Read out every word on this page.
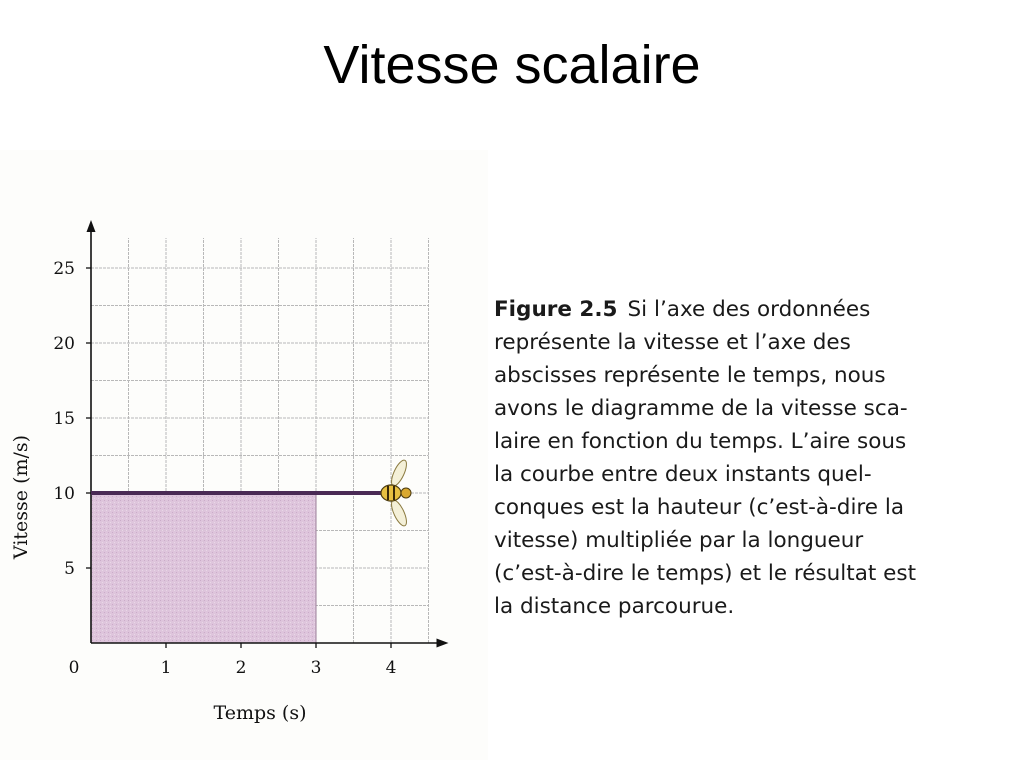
Vitesse scalaire
5
10
15
20
25
0	1	2	3	4
Temps (s)
Vitesse (m/s)
Figure 2.5 Si l’axe des ordonnées
représente la vitesse et l’axe des
abscisses représente le temps, nous
avons le diagramme de la vitesse sca-
laire en fonction du temps. L’aire sous
la courbe entre deux instants quel-
conques est la hauteur (c’est-à-dire la
vitesse) multipliée par la longueur
(c’est-à-dire le temps) et le résultat est
la distance parcourue.
